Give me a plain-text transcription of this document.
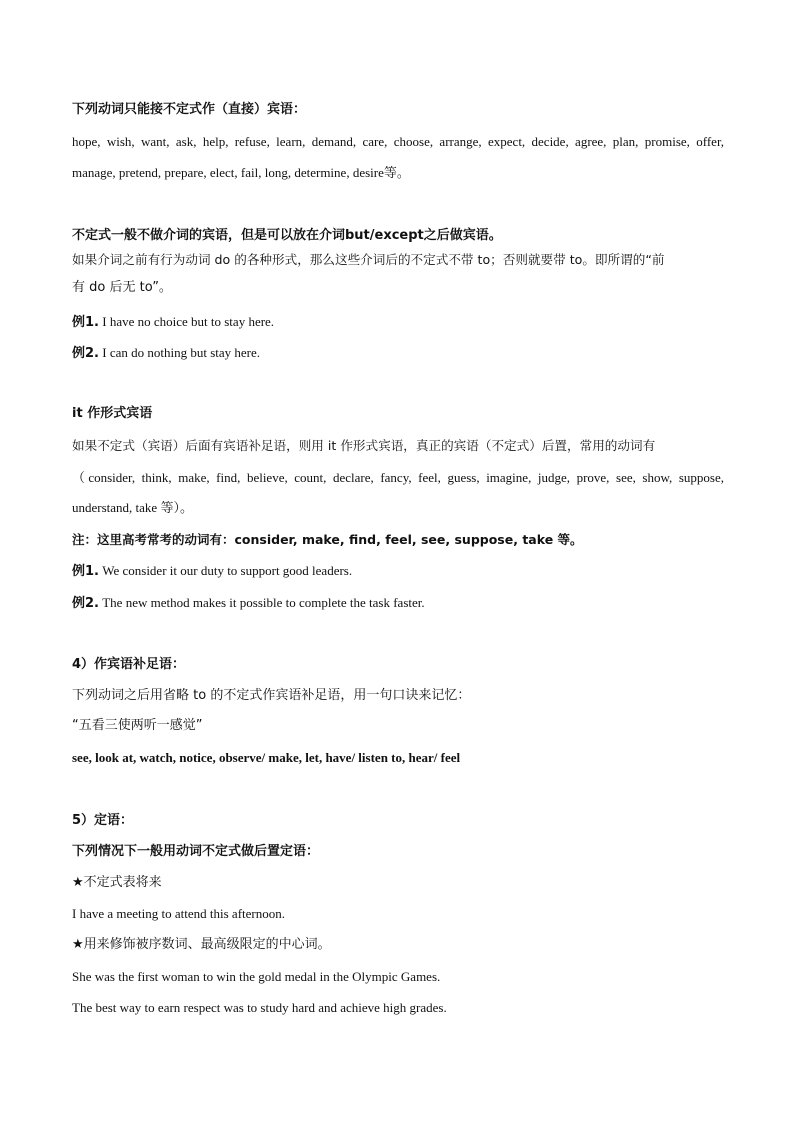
下列动词只能接不定式作（直接）宾语：
hope, wish, want, ask, help, refuse, learn, demand, care, choose, arrange, expect, decide, agree, plan, promise, offer,
manage, pretend, prepare, elect, fail, long, determine, desire等。
不定式一般不做介词的宾语，但是可以放在介词but/except之后做宾语。
如果介词之前有行为动词 do 的各种形式，那么这些介词后的不定式不带 to；否则就要带 to。即所谓的“前
有 do 后无 to”。
例1. I have no choice but to stay here.
例2. I can do nothing but stay here.
it 作形式宾语
如果不定式（宾语）后面有宾语补足语，则用 it 作形式宾语，真正的宾语（不定式）后置，常用的动词有
（consider, think, make, find, believe, count, declare, fancy, feel, guess, imagine, judge, prove, see, show, suppose,
understand, take 等）。
注：这里高考常考的动词有：consider, make, find, feel, see, suppose, take 等。
例1. We consider it our duty to support good leaders.
例2. The new method makes it possible to complete the task faster.
4）作宾语补足语：
下列动词之后用省略 to 的不定式作宾语补足语，用一句口诀来记忆：
“五看三使两听一感觉”
see, look at, watch, notice, observe/ make, let, have/ listen to, hear/ feel
5）定语：
下列情况下一般用动词不定式做后置定语：
★不定式表将来
I have a meeting to attend this afternoon.
★用来修饰被序数词、最高级限定的中心词。
She was the first woman to win the gold medal in the Olympic Games.
The best way to earn respect was to study hard and achieve high grades.
